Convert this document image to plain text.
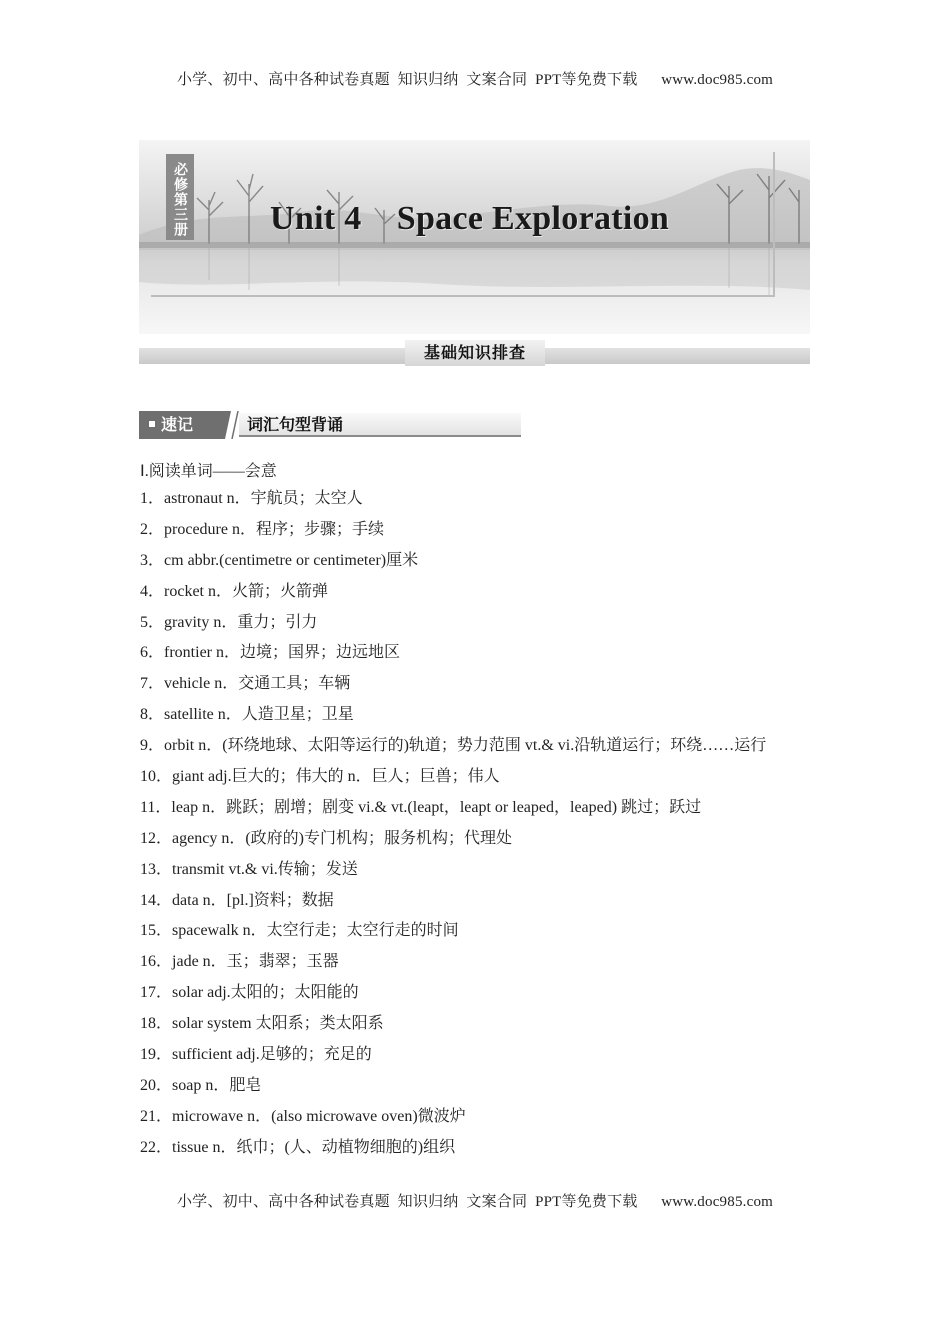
小学、初中、高中各种试卷真题  知识归纳  文案合同  PPT等免费下载      www.doc985.com
必修第三册 Unit 4    Space Exploration
基础知识排查
速记	词汇句型背诵
Ⅰ.阅读单词——会意
1．astronaut n．宇航员；太空人
2．procedure n．程序；步骤；手续
3．cm abbr.(centimetre or centimeter)厘米
4．rocket n．火箭；火箭弹
5．gravity n．重力；引力
6．frontier n．边境；国界；边远地区
7．vehicle n．交通工具；车辆
8．satellite n．人造卫星；卫星
9．orbit n．(环绕地球、太阳等运行的)轨道；势力范围 vt.& vi.沿轨道运行；环绕……运行
10．giant adj.巨大的；伟大的 n．巨人；巨兽；伟人
11．leap n．跳跃；剧增；剧变 vi.& vt.(leapt，leapt or leaped，leaped) 跳过；跃过
12．agency n．(政府的)专门机构；服务机构；代理处
13．transmit vt.& vi.传输；发送
14．data n．[pl.]资料；数据
15．spacewalk n．太空行走；太空行走的时间
16．jade n．玉；翡翠；玉器
17．solar adj.太阳的；太阳能的
18．solar system 太阳系；类太阳系
19．sufficient adj.足够的；充足的
20．soap n．肥皂
21．microwave n．(also microwave oven)微波炉
22．tissue n．纸巾；(人、动植物细胞的)组织
小学、初中、高中各种试卷真题  知识归纳  文案合同  PPT等免费下载      www.doc985.com
